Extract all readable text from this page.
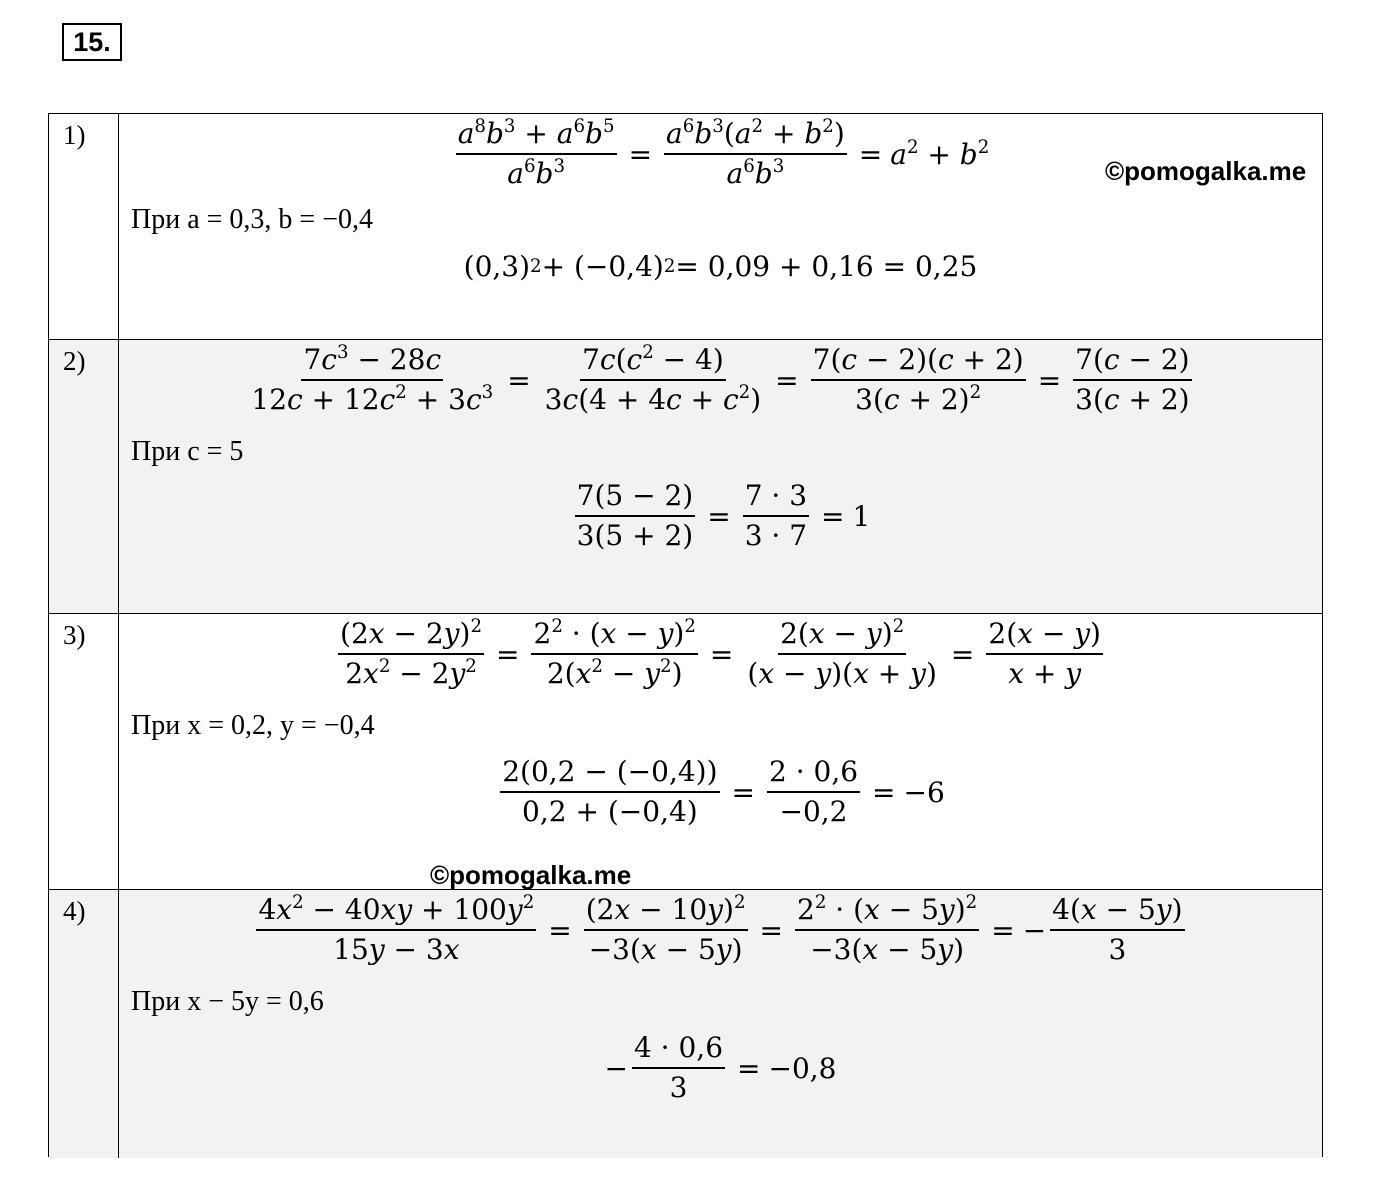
15.
1)	$\frac{a^8b^3 + a^6b^5}{a^6b^3} = \frac{a^6b^3(a^2 + b^2)}{a^6b^3} = a^2 + b^2$
При a = 0,3, b = −0,4
(0,3) 2 + (−0,4) 2 = 0,09 + 0,16 = 0,25
2)	$\frac{7c^3 - 28c}{12c + 12c^2 + 3c^3} = \frac{7c(c^2 - 4)}{3c(4 + 4c + c^2)} = \frac{7(c - 2)(c + 2)}{3(c + 2)^2} = \frac{7(c - 2)}{3(c + 2)}$
При c = 5
$\frac{7(5 - 2)}{3(5 + 2)} = \frac{7 \cdot 3}{3 \cdot 7} = 1$
3)	$\frac{(2x - 2y)^2}{2x^2 - 2y^2} = \frac{2^2 \cdot (x - y)^2}{2(x^2 - y^2)} = \frac{2(x - y)^2}{(x - y)(x + y)} = \frac{2(x - y)}{x + y}$
При x = 0,2, y = −0,4
$\frac{2(0,2 - (-0,4))}{0,2 + (-0,4)} = \frac{2 \cdot 0,6}{-0,2} = -6$
4)	$\frac{4x^2 - 40xy + 100y^2}{15y - 3x} = \frac{(2x - 10y)^2}{-3(x - 5y)} = \frac{2^2 \cdot (x - 5y)^2}{-3(x - 5y)}$ = − $\frac{4(x - 5y)}{3}$
При x − 5y = 0,6
− $\frac{4 \cdot 0,6}{3} = -0,8$
©pomogalka.me
©pomogalka.me
